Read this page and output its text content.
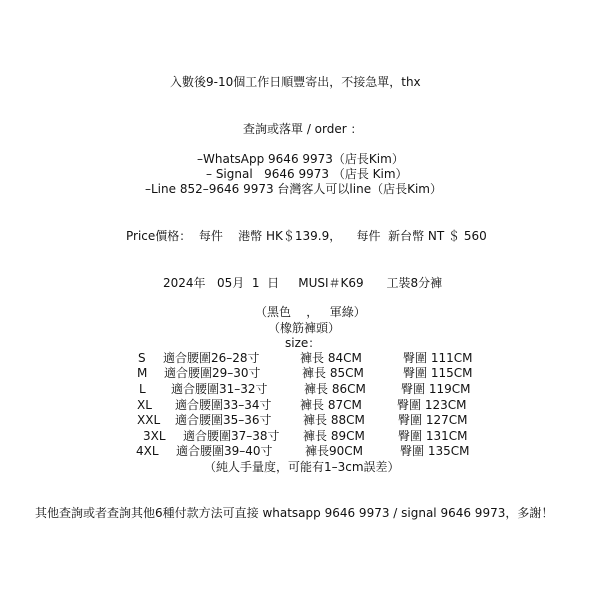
入數後9-10個工作日順豐寄出，不接急單，thx
查詢或落單 / order ：
–WhatsApp 9646 9973（店長Kim）
– Signal   9646 9973 （店長 Kim）
–Line 852–9646 9973 台灣客人可以line（店長Kim）
Price價格：  每件    港幣 HK＄139.9，    每件  新台幣 NT ＄ 560
2024年   05月  1  日     MUSI＃K69      工裝8分褲
（黑色    ，   軍綠）
（橡筋褲頭）
size：
S 適合腰圍26–28寸	褲長 84CM	臀圍 111CM
M 適合腰圍29–30寸	褲長 85CM	臀圍 115CM
L 適合腰圍31–32寸	褲長 86CM	臀圍 119CM
XL 適合腰圍33–34寸 褲長 87CM	臀圍 123CM
XXL 適合腰圍35–36寸	褲長 88CM	臀圍 127CM
3XL 適合腰圍37–38寸 褲長 89CM	臀圍 131CM
4XL 適合腰圍39–40寸	褲長90CM	臀圍 135CM
（純人手量度，可能有1–3cm誤差）
其他查詢或者查詢其他6種付款方法可直接 whatsapp 9646 9973 / signal 9646 9973，多謝！
